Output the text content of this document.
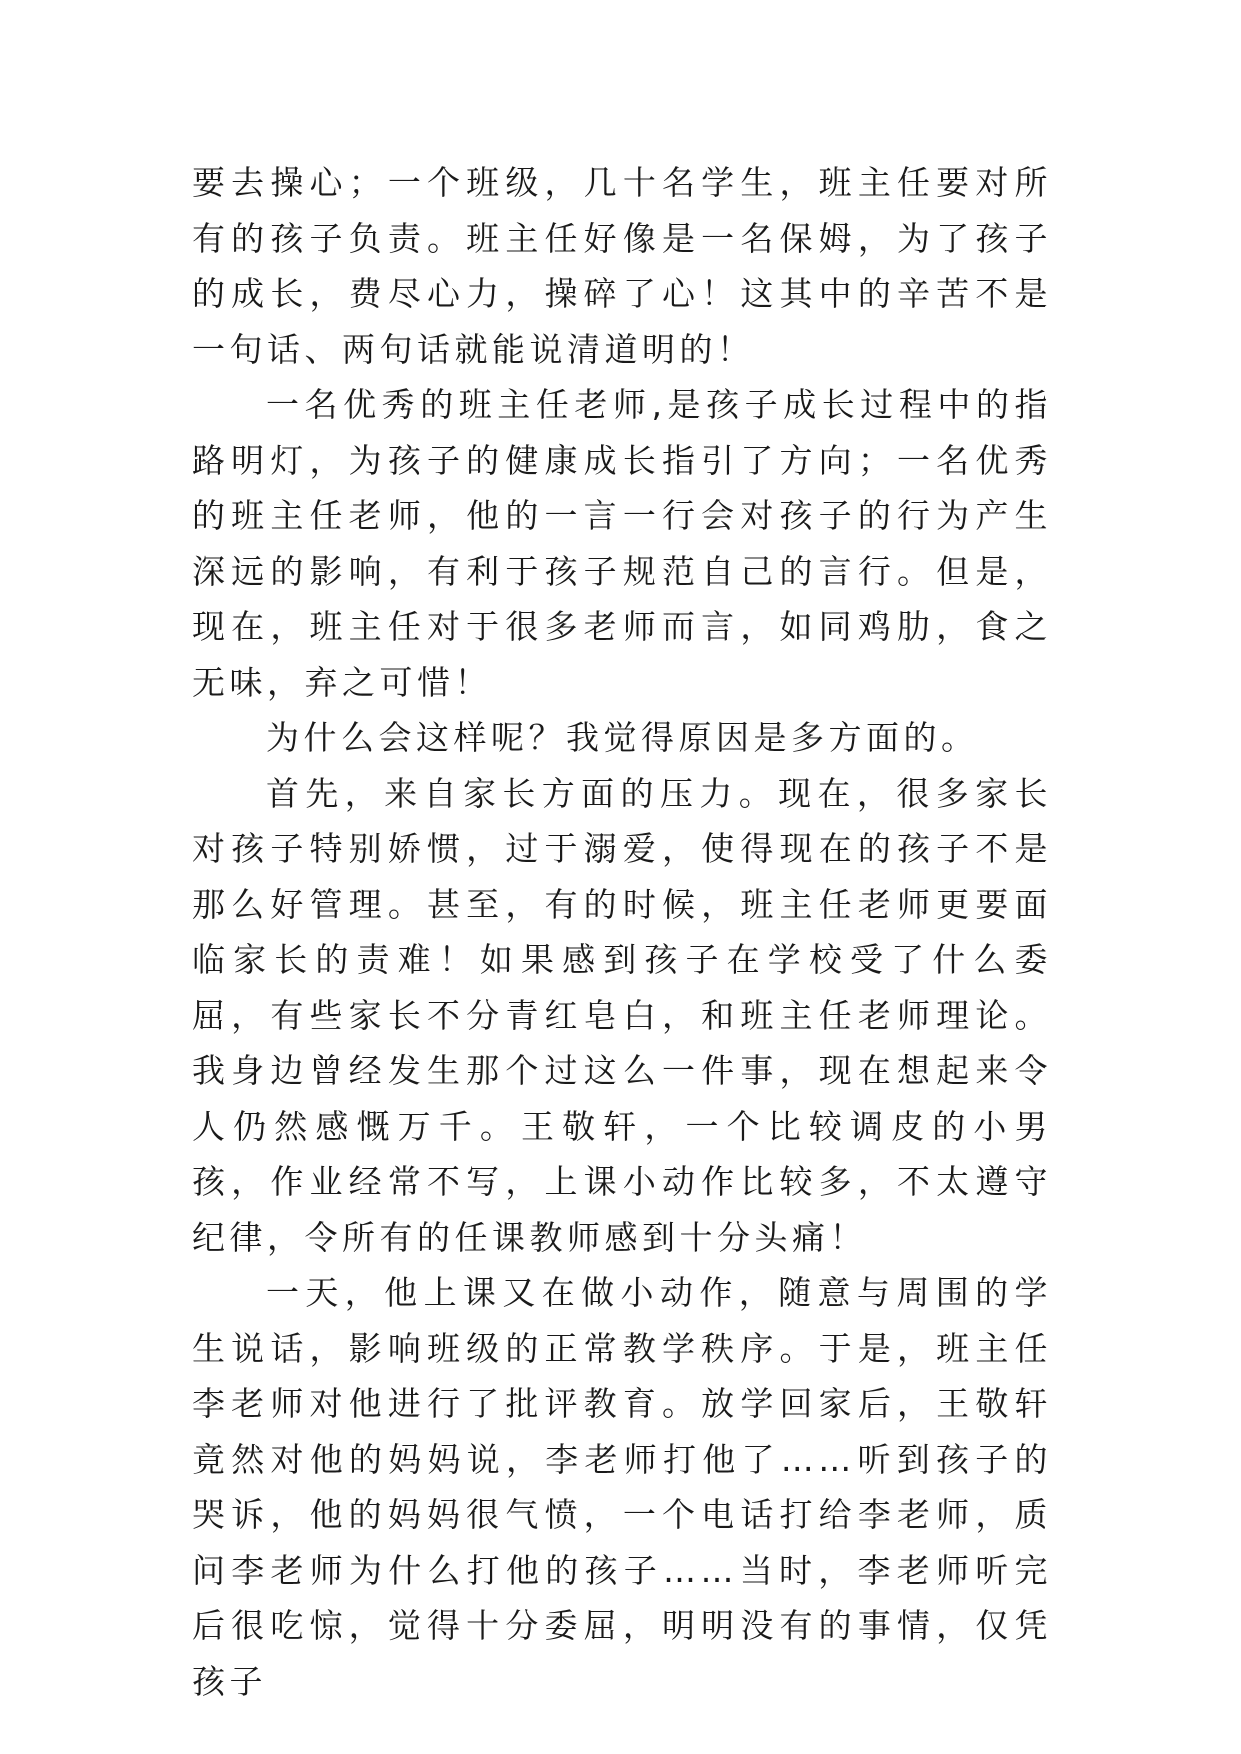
要去操心；一个班级，几十名学生，班主任要对所有的孩子负责。班主任好像是一名保姆，为了孩子的成长，费尽心力，操碎了心！这其中的辛苦不是一句话、两句话就能说清道明的！

一名优秀的班主任老师,是孩子成长过程中的指路明灯，为孩子的健康成长指引了方向；一名优秀的班主任老师，他的一言一行会对孩子的行为产生深远的影响，有利于孩子规范自己的言行。但是，现在，班主任对于很多老师而言，如同鸡肋，食之无味，弃之可惜！

为什么会这样呢？我觉得原因是多方面的。

首先，来自家长方面的压力。现在，很多家长对孩子特别娇惯，过于溺爱，使得现在的孩子不是那么好管理。甚至，有的时候，班主任老师更要面临家长的责难！如果感到孩子在学校受了什么委屈，有些家长不分青红皂白，和班主任老师理论。我身边曾经发生那个过这么一件事，现在想起来令人仍然感慨万千。王敬轩，一个比较调皮的小男孩，作业经常不写，上课小动作比较多，不太遵守纪律，令所有的任课教师感到十分头痛！

一天，他上课又在做小动作，随意与周围的学生说话，影响班级的正常教学秩序。于是，班主任李老师对他进行了批评教育。放学回家后，王敬轩竟然对他的妈妈说，李老师打他了……听到孩子的哭诉，他的妈妈很气愤，一个电话打给李老师，质问李老师为什么打他的孩子……当时，李老师听完后很吃惊，觉得十分委屈，明明没有的事情，仅凭孩子
